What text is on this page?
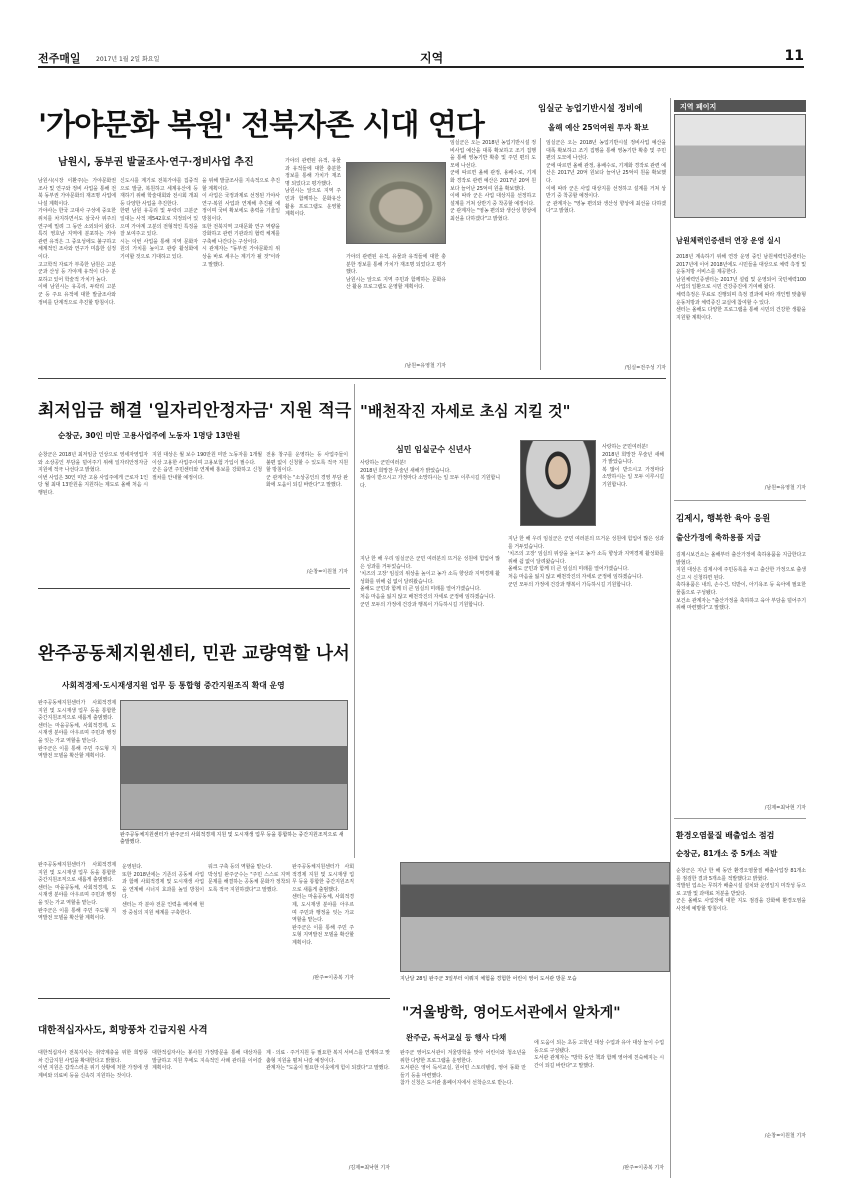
전주매일	2017년 1월 2일 화요일	지역	11
'가야문화 복원' 전북자존 시대 연다
남원시, 동부권 발굴조사·연구·정비사업 추진
남원시(시장 이환주)는 가야문화권 조사 및 연구와 정비 사업을 통해 전북 동부권 가야문화의 재조명 사업에 나설 계획이다.
가야사는 한국 고대사 구성에 중요한 위치를 차지하면서도 삼국사 위주의 연구에 밀려 그 동안 소외되어 왔다. 특히 영호남 지역에 분포하는 가야 관련 유적은 그 중요성에도 불구하고 체계적인 조사와 연구가 미흡한 실정이다.
고고학적 자료가 부족한 남원은 고분군과 산성 등 가야계 유적이 다수 분포하고 있어 학술적 가치가 높다.
이에 남원시는 유곡리, 두락리 고분군 등 주요 유적에 대한 발굴조사와 정비를 단계적으로 추진할 방침이다.
신도시를 계기로 전북가야를 집중적으로 발굴, 복원하고 세계유산에 등재하기 위해 학술대회와 전시회 개최 등 다양한 사업을 추진한다.
한편 남원 유곡리 및 두락리 고분군 일대는 사적 제542호로 지정되어 있으며 가야계 고분의 전형적인 특징을 잘 보여주고 있다.
시는 이번 사업을 통해 지역 문화자원의 가치를 높이고 관광 활성화에 기여할 것으로 기대하고 있다.
을 위해 발굴조사를 지속적으로 추진할 계획이다.
이 사업은 국정과제로 선정된 가야사 연구·복원 사업과 연계해 추진될 예정이며 국비 확보에도 총력을 기울일 방침이다.
또한 전북지역 고대문화 연구 역량을 강화하고 관련 기관과의 협력 체계를 구축해 나간다는 구상이다.
시 관계자는 "동부권 가야문화의 위상을 바로 세우는 계기가 될 것"이라고 말했다.
가야의 관련된 유적, 유물과 유적들에 대한 충분한 정보를 통해 가치가 재조명 되었다고 평가했다.
남원시는 앞으로 지역 주민과 함께하는 문화유산 활용 프로그램도 운영할 계획이다.
가야의 관련된 유적, 유물과 유적들에 대한 충분한 정보를 통해 가치가 재조명 되었다고 평가했다.
남원시는 앞으로 지역 주민과 함께하는 문화유산 활용 프로그램도 운영할 계획이다.
/남원=유영철 기자
임실군 농업기반시설 정비에
올해 예산 25억여원 투자 확보
임실군은 오는 2018년 농업기반시설 정비사업 예산을 대폭 확보하고 조기 집행을 통해 영농기반 확충 및 주민 편의 도모에 나선다.
군에 따르면 올해 관정, 용배수로, 기계화 경작로 관련 예산은 2017년 20억 원보다 늘어난 25억여 원을 확보했다.
이에 따라 군은 사업 대상지를 선정하고 설계를 거쳐 상반기 중 착공할 예정이다.
군 관계자는 "영농 편의와 생산성 향상에 최선을 다하겠다"고 밝혔다.
임실군은 오는 2018년 농업기반시설 정비사업 예산을 대폭 확보하고 조기 집행을 통해 영농기반 확충 및 주민 편의 도모에 나선다.
군에 따르면 올해 관정, 용배수로, 기계화 경작로 관련 예산은 2017년 20억 원보다 늘어난 25억여 원을 확보했다.
이에 따라 군은 사업 대상지를 선정하고 설계를 거쳐 상반기 중 착공할 예정이다.
군 관계자는 "영농 편의와 생산성 향상에 최선을 다하겠다"고 밝혔다.
/임실=전주성 기자
지역 페이지
남원체력인증센터 연장 운영 실시
2018년 계속하기 위해 연장 운영 중인 남원체력인증센터는 2017년에 이어 2018년에도 시민들을 대상으로 체력 측정 및 운동처방 서비스를 제공한다.
남원체력인증센터는 2017년 설립 및 운영되어 국민체력100 사업의 일환으로 시민 건강증진에 기여해 왔다.
체력측정은 무료로 진행되며 측정 결과에 따라 개인별 맞춤형 운동처방과 체력증진 교실에 참여할 수 있다.
센터는 올해도 다양한 프로그램을 통해 시민의 건강한 생활을 지원할 계획이다.
/남원=유영철 기자
김제시, 행복한 육아 응원
출산가정에 축하용품 지급
김제시보건소는 올해부터 출산가정에 축하용품을 지급한다고 밝혔다.
지원 대상은 김제시에 주민등록을 두고 출산한 가정으로 출생신고 시 신청하면 된다.
축하용품은 내의, 손수건, 턱받이, 아기욕조 등 육아에 필요한 물품으로 구성됐다.
보건소 관계자는 "출산가정을 축하하고 육아 부담을 덜어주기 위해 마련했다"고 말했다.
/김제=최낙현 기자
환경오염물질 배출업소 점검
순창군, 81개소 중 5개소 적발
순창군은 지난 한 해 동안 환경오염물질 배출사업장 81개소를 점검한 결과 5개소를 적발했다고 밝혔다.
적발된 업소는 무허가 배출시설 설치와 운영일지 미작성 등으로 고발 및 과태료 처분을 받았다.
군은 올해도 사업장에 대한 지도 점검을 강화해 환경오염을 사전에 예방할 방침이다.
/순창=이원철 기자
최저임금 해결 '일자리안정자금' 지원 적극
순창군, 30인 미만 고용사업주에 노동자 1명당 13만원
순창군은 2018년 최저임금 인상으로 영세자영업자와 소상공인 부담을 덜어주기 위해 일자리안정자금 지원에 적극 나선다고 밝혔다.
이번 사업은 30인 미만 고용 사업주에게 근로자 1인당 월 최대 13만원을 지원하는 제도로 올해 처음 시행된다.
지원 대상은 월 보수 190만원 미만 노동자를 1개월 이상 고용한 사업주이며 고용보험 가입이 필수다.
군은 읍면 주민센터와 연계해 홍보를 강화하고 신청 절차를 안내할 예정이다.
전용 창구를 운영하는 등 사업주들이 불편 없이 신청할 수 있도록 적극 지원할 방침이다.
군 관계자는 "소상공인의 경영 부담 완화에 도움이 되길 바란다"고 말했다.
/순창=이원철 기자
"배천작진 자세로 초심 지킬 것"
심민 임실군수 신년사
사랑하는 군민여러분!
2018년 희망찬 무술년 새해가 밝았습니다.
복 많이 받으시고 가정마다 소망하시는 일 모두 이루시길 기원합니다.
사랑하는 군민여러분!
2018년 희망찬 무술년 새해가 밝았습니다.
복 많이 받으시고 가정마다 소망하시는 일 모두 이루시길 기원합니다.
지난 한 해 우리 임실군은 군민 여러분의 뜨거운 성원에 힘입어 많은 성과를 거두었습니다.
'치즈의 고장' 임실의 위상을 높이고 농가 소득 향상과 지역경제 활성화를 위해 쉼 없이 달려왔습니다.
올해도 군민과 함께 더 큰 임실의 미래를 열어가겠습니다.
처음 마음을 잃지 않고 배천작진의 자세로 군정에 임하겠습니다.
군민 모두의 가정에 건강과 행복이 가득하시길 기원합니다.
지난 한 해 우리 임실군은 군민 여러분의 뜨거운 성원에 힘입어 많은 성과를 거두었습니다.
'치즈의 고장' 임실의 위상을 높이고 농가 소득 향상과 지역경제 활성화를 위해 쉼 없이 달려왔습니다.
올해도 군민과 함께 더 큰 임실의 미래를 열어가겠습니다.
처음 마음을 잃지 않고 배천작진의 자세로 군정에 임하겠습니다.
군민 모두의 가정에 건강과 행복이 가득하시길 기원합니다.
완주공동체지원센터, 민관 교량역할 나서
사회적경제·도시재생지원 업무 등 통합형 중간지원조직 확대 운영
완주공동체지원센터가 사회적경제 지원 및 도시재생 업무 등을 통합한 중간지원조직으로 새롭게 출범했다.
센터는 마을공동체, 사회적경제, 도시재생 분야를 아우르며 주민과 행정을 잇는 가교 역할을 맡는다.
완주군은 이를 통해 주민 주도형 지역발전 모델을 확산할 계획이다.
완주공동체지원센터가 완주군의 사회적경제 지원 및 도시재생 업무 등을 통합하는 중간지원조직으로 새출발했다.
운영된다.
또한 2018년에는 기존의 공동체 사업과 함께 사회적경제 및 도시재생 사업을 연계해 시너지 효과를 높일 방침이다.
센터는 각 분야 전문 인력을 배치해 현장 중심의 지원 체계를 구축한다.
워크 구축 등의 역할을 맡는다.
박성일 완주군수는 "주민 스스로 지역 문제를 해결하는 공동체 문화가 정착되도록 적극 지원하겠다"고 말했다.
완주공동체지원센터가 사회적경제 지원 및 도시재생 업무 등을 통합한 중간지원조직으로 새롭게 출범했다.
센터는 마을공동체, 사회적경제, 도시재생 분야를 아우르며 주민과 행정을 잇는 가교 역할을 맡는다.
완주군은 이를 통해 주민 주도형 지역발전 모델을 확산할 계획이다.
/완주=이종복 기자
완주공동체지원센터가 사회적경제 지원 및 도시재생 업무 등을 통합한 중간지원조직으로 새롭게 출범했다.
센터는 마을공동체, 사회적경제, 도시재생 분야를 아우르며 주민과 행정을 잇는 가교 역할을 맡는다.
완주군은 이를 통해 주민 주도형 지역발전 모델을 확산할 계획이다.
지난달 28일 완주군 3일부터 이뤄지 체험을 경험한 어린이 영어 도서관 방문 모습
"겨울방학, 영어도서관에서 알차게"
완주군, 독서교실 등 행사 다채
완주군 영어도서관이 겨울방학을 맞아 어린이와 청소년을 위한 다양한 프로그램을 운영한다.
도서관은 영어 독서교실, 원어민 스토리텔링, 영어 동화 만들기 등을 마련했다.
참가 신청은 도서관 홈페이지에서 선착순으로 받는다.
에 도움이 되는 초등 고학년 대상 수업과 유아 대상 놀이 수업 등으로 구성됐다.
도서관 관계자는 "방학 동안 책과 함께 영어에 친숙해지는 시간이 되길 바란다"고 말했다.
/완주=이종복 기자
대한적십자사도, 희망풍차 긴급지원 사격
대한적십자사 전북지사는 취약계층을 위한 희망풍차 긴급지원 사업을 확대한다고 밝혔다.
이번 지원은 갑작스러운 위기 상황에 처한 가정에 생계비와 의료비 등을 신속히 지원하는 것이다.
대한적십자사는 봉사원 가정방문을 통해 대상자를 발굴하고 지원 후에도 지속적인 사례 관리를 이어갈 계획이다.
계 · 의료 · 주거지원 등 필요한 복지 서비스를 연계하고 맞춤형 지원을 펼쳐 나갈 예정이다.
관계자는 "도움이 필요한 이웃에게 힘이 되겠다"고 말했다.
/김제=최낙현 기자
